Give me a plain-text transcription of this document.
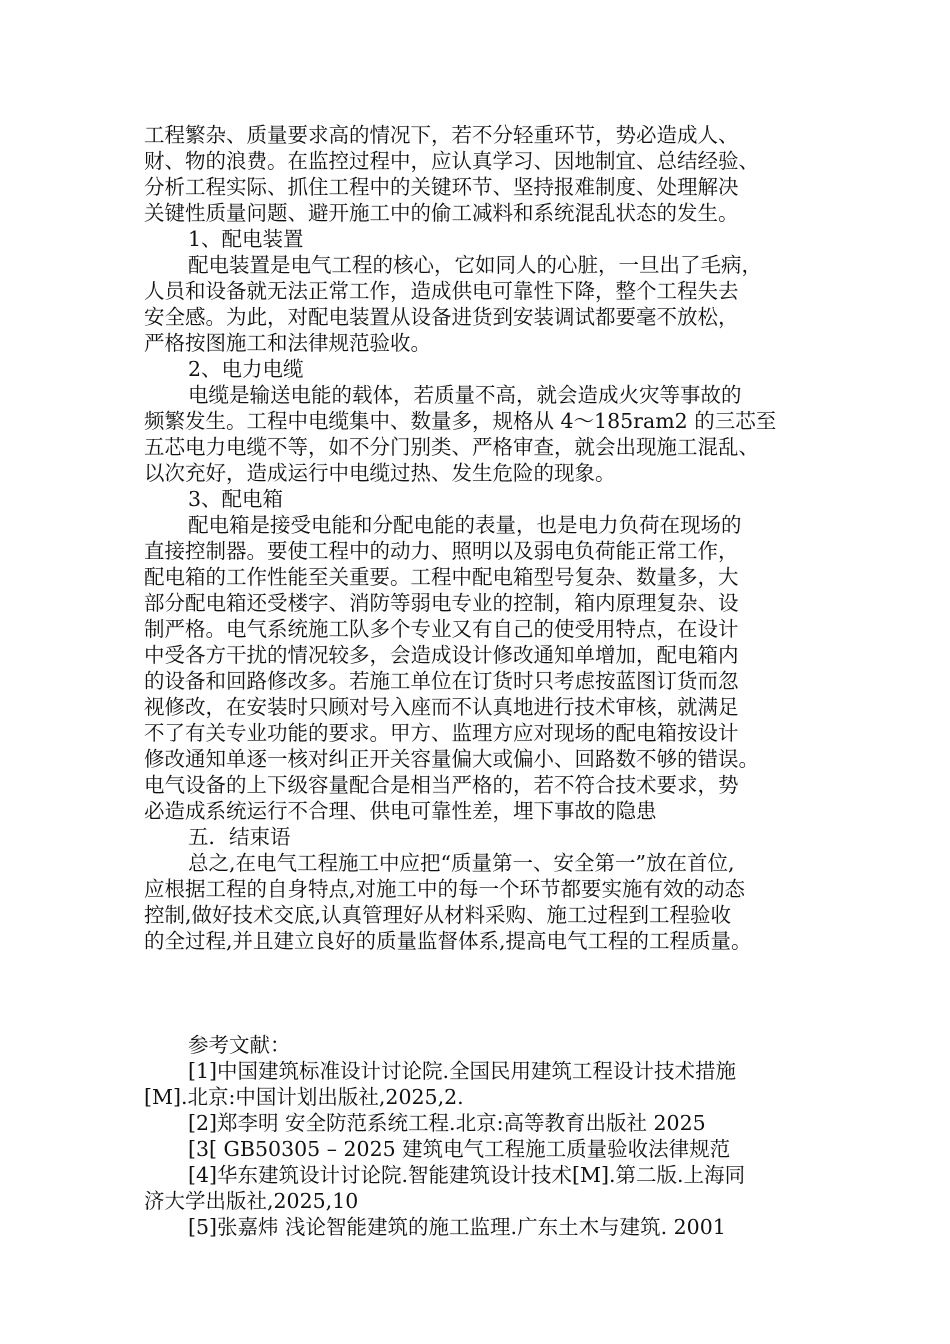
工程繁杂、质量要求高的情况下，若不分轻重环节，势必造成人、
财、物的浪费。在监控过程中，应认真学习、因地制宜、总结经验、
分析工程实际、抓住工程中的关键环节、坚持报难制度、处理解决
关键性质量问题、避开施工中的偷工减料和系统混乱状态的发生。
1、配电装置
配电装置是电气工程的核心，它如同人的心脏，一旦出了毛病，
人员和设备就无法正常工作，造成供电可靠性下降，整个工程失去
安全感。为此，对配电装置从设备进货到安装调试都要毫不放松，
严格按图施工和法律规范验收。
2、电力电缆
电缆是输送电能的载体，若质量不高，就会造成火灾等事故的
频繁发生。工程中电缆集中、数量多，规格从 4～185ram2 的三芯至
五芯电力电缆不等，如不分门别类、严格审查，就会出现施工混乱、
以次充好，造成运行中电缆过热、发生危险的现象。
3、配电箱
配电箱是接受电能和分配电能的表量，也是电力负荷在现场的
直接控制器。要使工程中的动力、照明以及弱电负荷能正常工作，
配电箱的工作性能至关重要。工程中配电箱型号复杂、数量多，大
部分配电箱还受楼字、消防等弱电专业的控制，箱内原理复杂、设
制严格。电气系统施工队多个专业又有自己的使受用特点，在设计
中受各方干扰的情况较多，会造成设计修改通知单增加，配电箱内
的设备和回路修改多。若施工单位在订货时只考虑按蓝图订货而忽
视修改，在安装时只顾对号入座而不认真地进行技术审核，就满足
不了有关专业功能的要求。甲方、监理方应对现场的配电箱按设计
修改通知单逐一核对纠正开关容量偏大或偏小、回路数不够的错误。
电气设备的上下级容量配合是相当严格的，若不符合技术要求，势
必造成系统运行不合理、供电可靠性差，埋下事故的隐患
五．结束语
总之,在电气工程施工中应把“质量第一、安全第一”放在首位,
应根据工程的自身特点,对施工中的每一个环节都要实施有效的动态
控制,做好技术交底,认真管理好从材料采购、施工过程到工程验收
的全过程,并且建立良好的质量监督体系,提高电气工程的工程质量。
参考文献：
[1]中国建筑标准设计讨论院.全国民用建筑工程设计技术措施
[M].北京:中国计划出版社,2025,2.
[2]郑李明 安全防范系统工程.北京:高等教育出版社 2025
[3[ GB50305 – 2025 建筑电气工程施工质量验收法律规范
[4]华东建筑设计讨论院.智能建筑设计技术[M].第二版.上海同
济大学出版社,2025,10
[5]张嘉炜 浅论智能建筑的施工监理.广东土木与建筑. 2001
